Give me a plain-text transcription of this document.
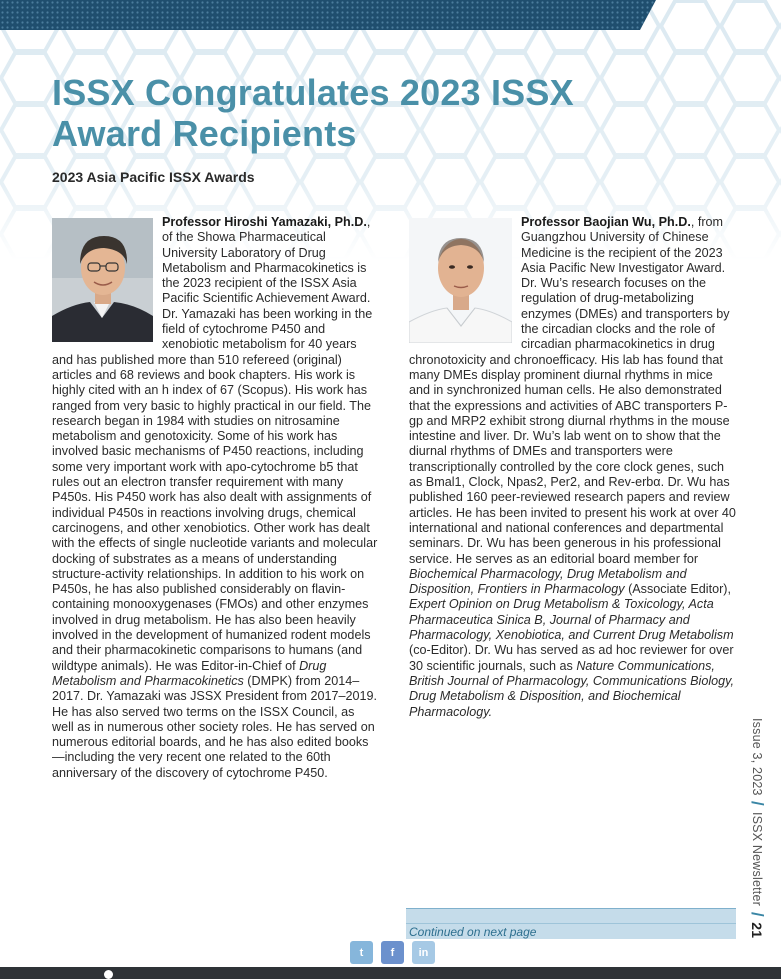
ISSX Congratulates 2023 ISSX Award Recipients
2023 Asia Pacific ISSX Awards

Professor Hiroshi Yamazaki, Ph.D., of the Showa Pharmaceutical University Laboratory of Drug Metabolism and Pharmacokinetics is the 2023 recipient of the ISSX Asia Pacific Scientific Achievement Award. Dr. Yamazaki has been working in the field of cytochrome P450 and xenobiotic metabolism for 40 years and has published more than 510 refereed (original) articles and 68 reviews and book chapters. His work is highly cited with an h index of 67 (Scopus). His work has ranged from very basic to highly practical in our field. The research began in 1984 with studies on nitrosamine metabolism and genotoxicity. Some of his work has involved basic mechanisms of P450 reactions, including some very important work with apo-cytochrome b5 that rules out an electron transfer requirement with many P450s. His P450 work has also dealt with assignments of individual P450s in reactions involving drugs, chemical carcinogens, and other xenobiotics. Other work has dealt with the effects of single nucleotide variants and molecular docking of substrates as a means of understanding structure-activity relationships. In addition to his work on P450s, he has also published considerably on flavin-containing monooxygenases (FMOs) and other enzymes involved in drug metabolism. He has also been heavily involved in the development of humanized rodent models and their pharmacokinetic comparisons to humans (and wildtype animals). He was Editor-in-Chief of Drug Metabolism and Pharmacokinetics (DMPK) from 2014–2017. Dr. Yamazaki was JSSX President from 2017–2019. He has also served two terms on the ISSX Council, as well as in numerous other society roles. He has served on numerous editorial boards, and he has also edited books—including the very recent one related to the 60th anniversary of the discovery of cytochrome P450.

Professor Baojian Wu, Ph.D., from Guangzhou University of Chinese Medicine is the recipient of the 2023 Asia Pacific New Investigator Award. Dr. Wu’s research focuses on the regulation of drug-metabolizing enzymes (DMEs) and transporters by the circadian clocks and the role of circadian pharmacokinetics in drug chronotoxicity and chronoefficacy. His lab has found that many DMEs display prominent diurnal rhythms in mice and in synchronized human cells. He also demonstrated that the expressions and activities of ABC transporters P-gp and MRP2 exhibit strong diurnal rhythms in the mouse intestine and liver. Dr. Wu’s lab went on to show that the diurnal rhythms of DMEs and transporters were transcriptionally controlled by the core clock genes, such as Bmal1, Clock, Npas2, Per2, and Rev-erbα. Dr. Wu has published 160 peer-reviewed research papers and review articles. He has been invited to present his work at over 40 international and national conferences and departmental seminars. Dr. Wu has been generous in his professional service. He serves as an editorial board member for Biochemical Pharmacology, Drug Metabolism and Disposition, Frontiers in Pharmacology (Associate Editor), Expert Opinion on Drug Metabolism & Toxicology, Acta Pharmaceutica Sinica B, Journal of Pharmacy and Pharmacology, Xenobiotica, and Current Drug Metabolism (co-Editor). Dr. Wu has served as ad hoc reviewer for over 30 scientific journals, such as Nature Communications, British Journal of Pharmacology, Communications Biology, Drug Metabolism & Disposition, and Biochemical Pharmacology.

Issue 3, 2023 / ISSX Newsletter / 21
Continued on next page
t f in
